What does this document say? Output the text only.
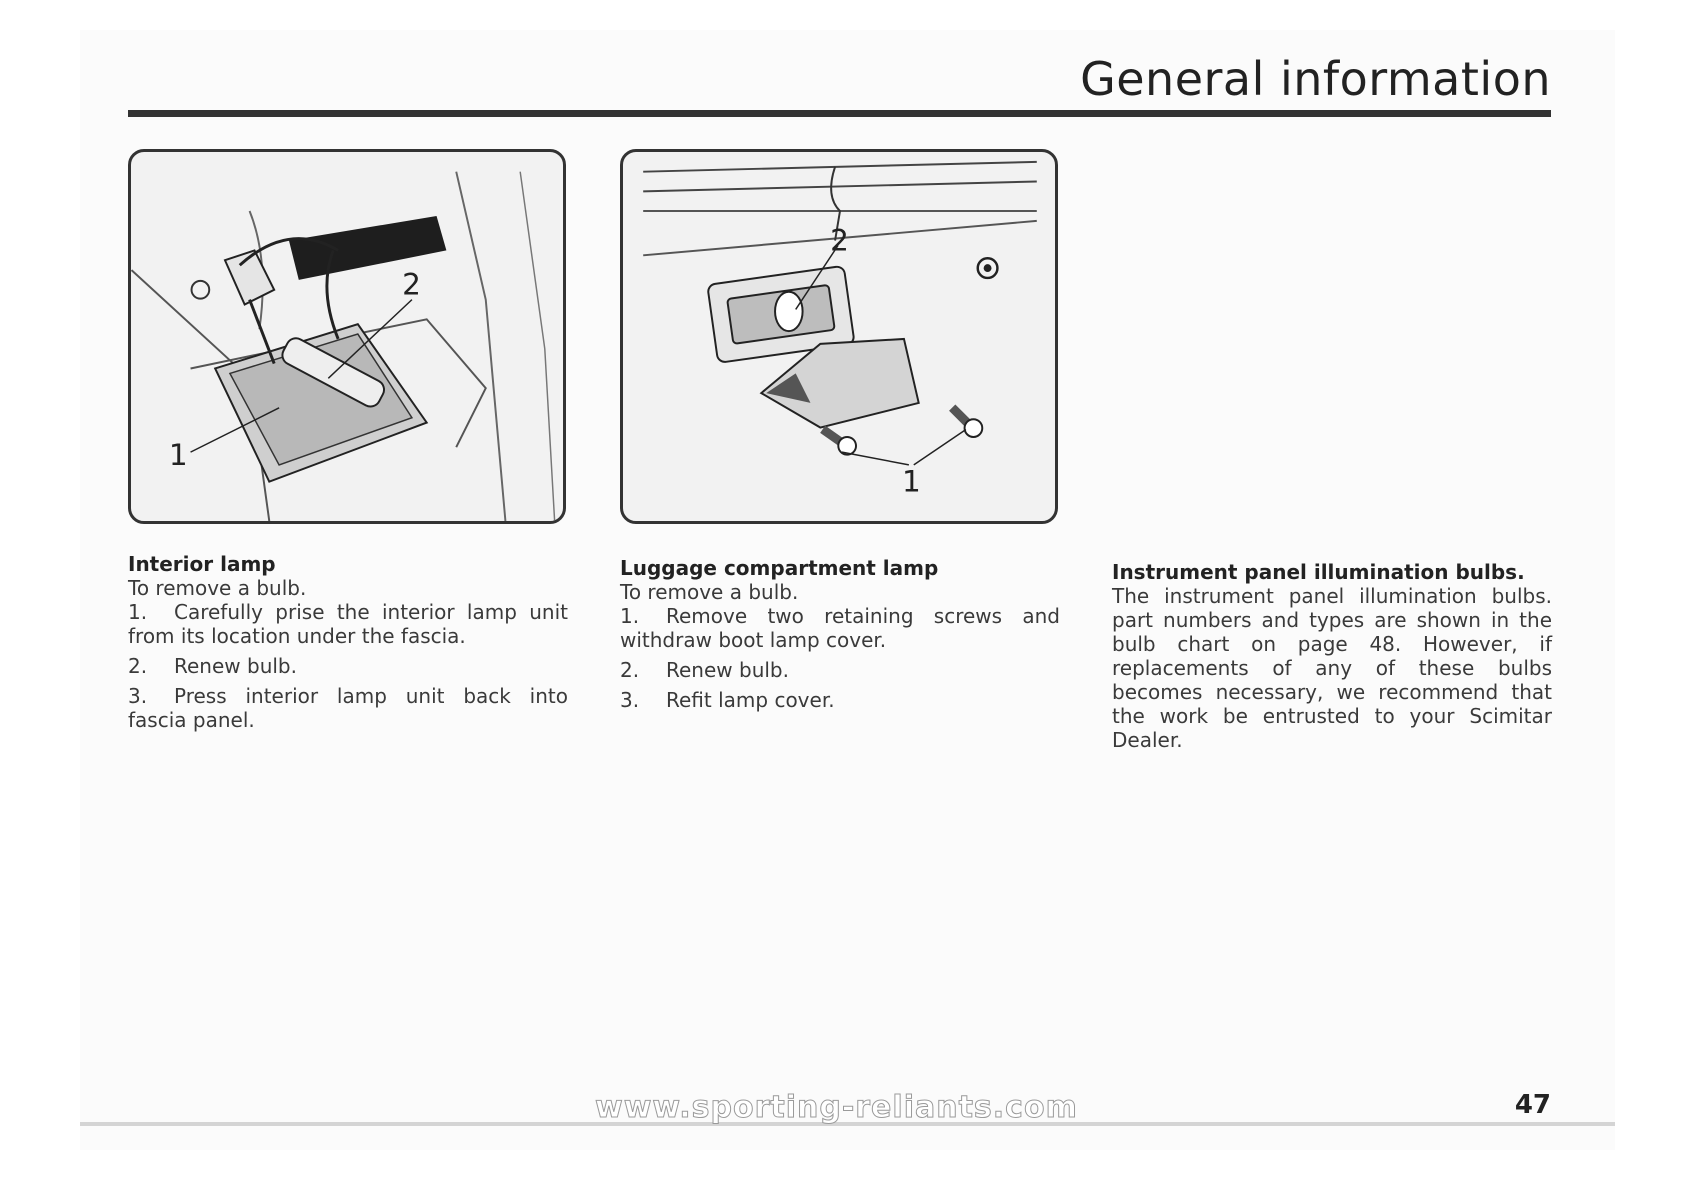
General information
2
1
2
1
Interior lamp

To remove a bulb.

1. Carefully prise the interior lamp unit from its location under the fascia.

2. Renew bulb.

3. Press interior lamp unit back into fascia panel.

Luggage compartment lamp

To remove a bulb.

1. Remove two retaining screws and withdraw boot lamp cover.

2. Renew bulb.

3. Refit lamp cover.

Instrument panel illumination bulbs.

The instrument panel illumination bulbs. part numbers and types are shown in the bulb chart on page 48. However, if replacements of any of these bulbs becomes necessary, we recommend that the work be entrusted to your Scimitar Dealer.

www.sporting-reliants.com	47
